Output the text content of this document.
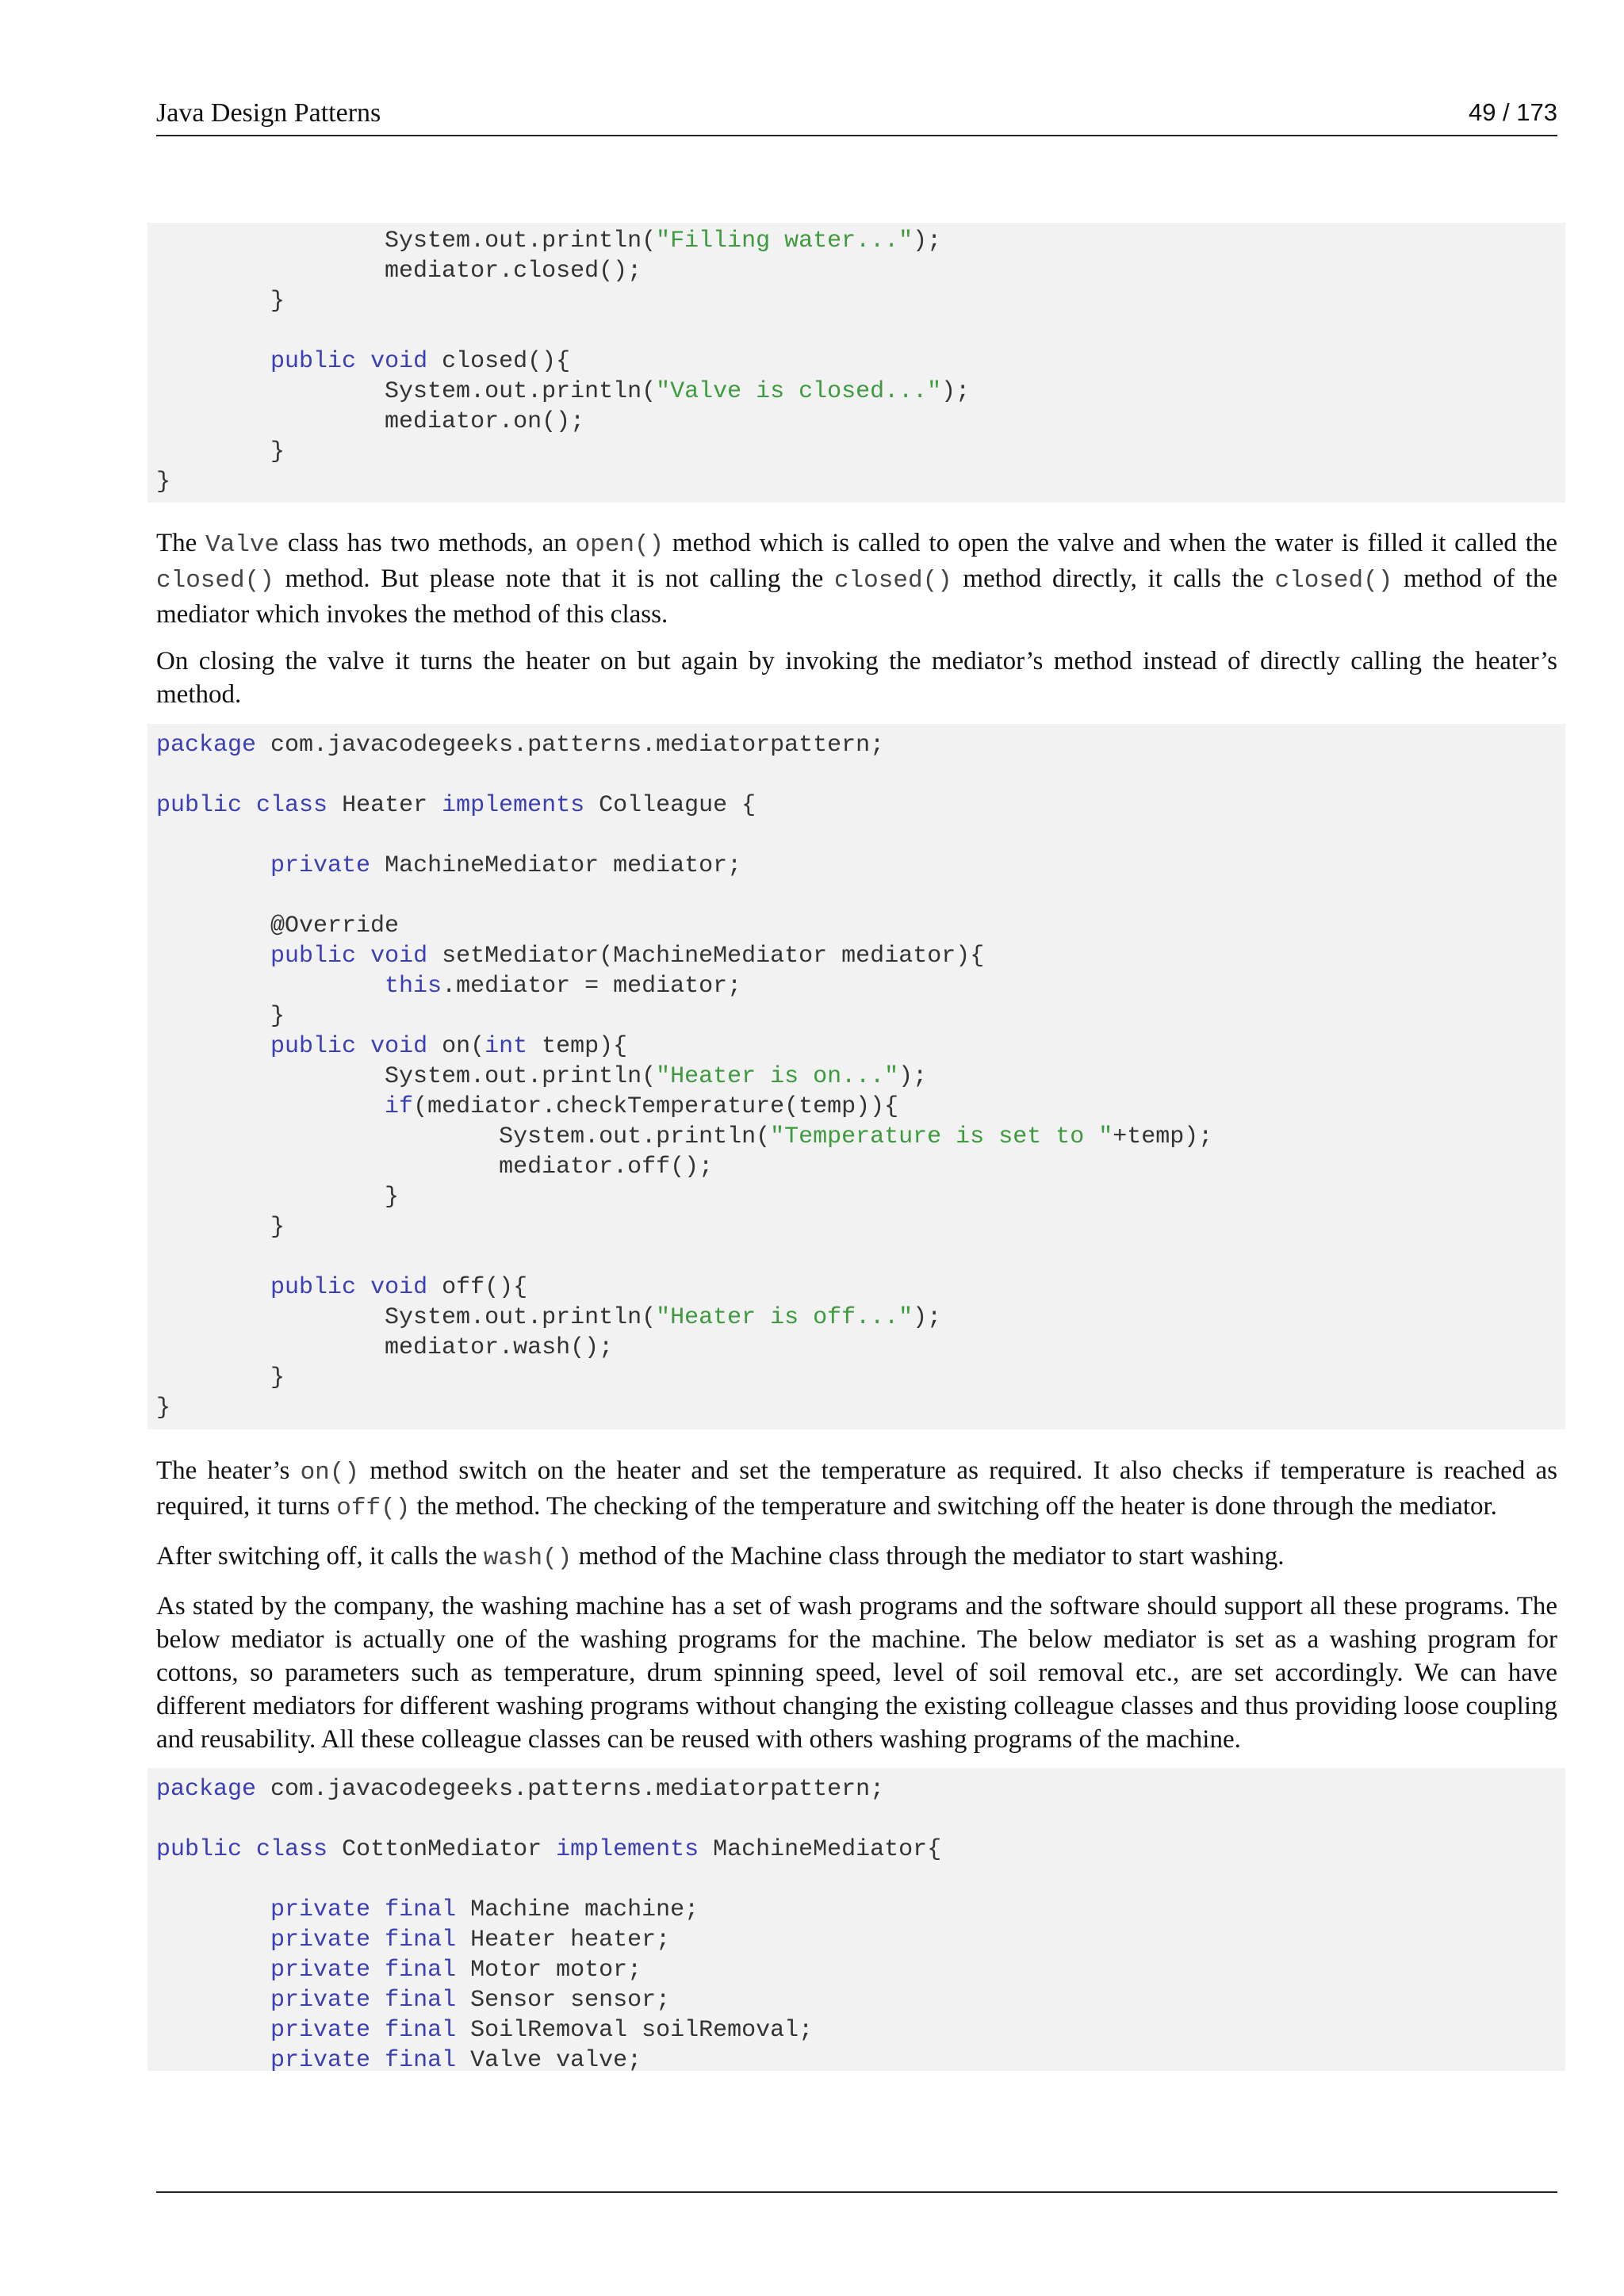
Java Design Patterns	49 / 173
System.out.println("Filling water...");
mediator.closed();
}
public void closed(){
System.out.println("Valve is closed...");
mediator.on();
}
}

The Valve class has two methods, an open() method which is called to open the valve and when the water is filled it called the closed() method. But please note that it is not calling the closed() method directly, it calls the closed() method of the mediator which invokes the method of this class.

On closing the valve it turns the heater on but again by invoking the mediator’s method instead of directly calling the heater’s method.

package com.javacodegeeks.patterns.mediatorpattern;
public class Heater implements Colleague {
private MachineMediator mediator;
@Override
public void setMediator(MachineMediator mediator){
this.mediator = mediator;
}
public void on(int temp){
System.out.println("Heater is on...");
if(mediator.checkTemperature(temp)){
System.out.println("Temperature is set to "+temp);
mediator.off();
}
}
public void off(){
System.out.println("Heater is off...");
mediator.wash();
}
}

The heater’s on() method switch on the heater and set the temperature as required. It also checks if temperature is reached as required, it turns off() the method. The checking of the temperature and switching off the heater is done through the mediator.

After switching off, it calls the wash() method of the Machine class through the mediator to start washing.

As stated by the company, the washing machine has a set of wash programs and the software should support all these programs. The below mediator is actually one of the washing programs for the machine. The below mediator is set as a washing program for cottons, so parameters such as temperature, drum spinning speed, level of soil removal etc., are set accordingly. We can have different mediators for different washing programs without changing the existing colleague classes and thus providing loose coupling and reusability. All these colleague classes can be reused with others washing programs of the machine.

package com.javacodegeeks.patterns.mediatorpattern;
public class CottonMediator implements MachineMediator{
private final Machine machine;
private final Heater heater;
private final Motor motor;
private final Sensor sensor;
private final SoilRemoval soilRemoval;
private final Valve valve;
